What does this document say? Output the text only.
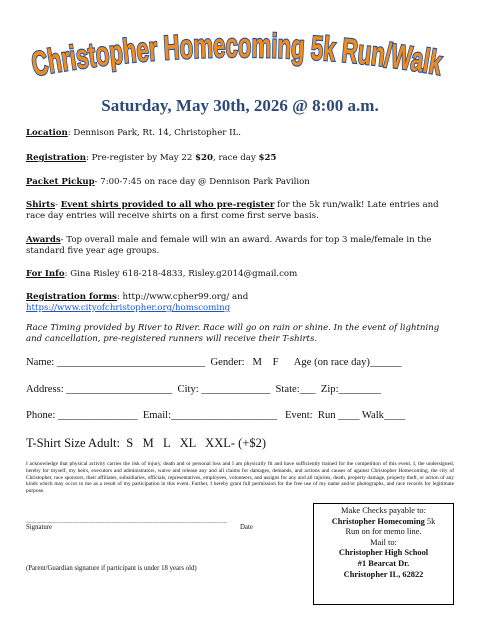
Christopher Homecoming 5k Run/Walk
Saturday, May 30th, 2026 @ 8:00 a.m.
Location: Dennison Park, Rt. 14, Christopher IL.
Registration: Pre-register by May 22 $20, race day $25
Packet Pickup- 7:00-7:45 on race day @ Dennison Park Pavilion
Shirts- Event shirts provided to all who pre-register for the 5k run/walk! Late entries and race day entries will receive shirts on a first come first serve basis.
Awards- Top overall male and female will win an award. Awards for top 3 male/female in the standard five year age groups.
For Info: Gina Risley 618-218-4833, Risley.g2014@gmail.com
Registration forms: http://www.cpher99.org/ and
https://www.cityofchristopher.org/homscoming
Race Timing provided by River to River. Race will go on rain or shine. In the event of lightning and cancellation, pre-registered runners will receive their T-shirts.
Name: ____________________________  Gender:   M    F      Age (on race day)______
Address: ____________________  City: _____________  State:___  Zip:________
Phone: _______________  Email:____________________   Event:  Run ____ Walk____
T-Shirt Size Adult:  S   M   L   XL   XXL- (+$2)
I acknowledge that physical activity carries the risk of injury, death and or personal loss and I am physically fit and have sufficiently trained for the competition of this event. I, the undersigned, hereby for myself, my heirs, executors and administrators, waive and release any and all claims for damages, demands, and actions and causes of against Christopher Homecoming, the city of Christopher, race sponsors, their affiliates, subsidiaries, officials, representatives, employees, volunteers, and assigns for any and all injuries, death, property damage, property theft, or action of any kinds which may occur to me as a result of my participation in this event. Further, I hereby grant full permission for the free use of my name and/or photographs, and race records for legitimate purpose.
______________________________________
Signature	Date
(Parent/Guardian signature if participant is under 18 years old)
Make Checks payable to:
Christopher Homecoming 5k
Run on for memo line.
Mail to:
Christopher High School
#1 Bearcat Dr.
Christopher IL, 62822
